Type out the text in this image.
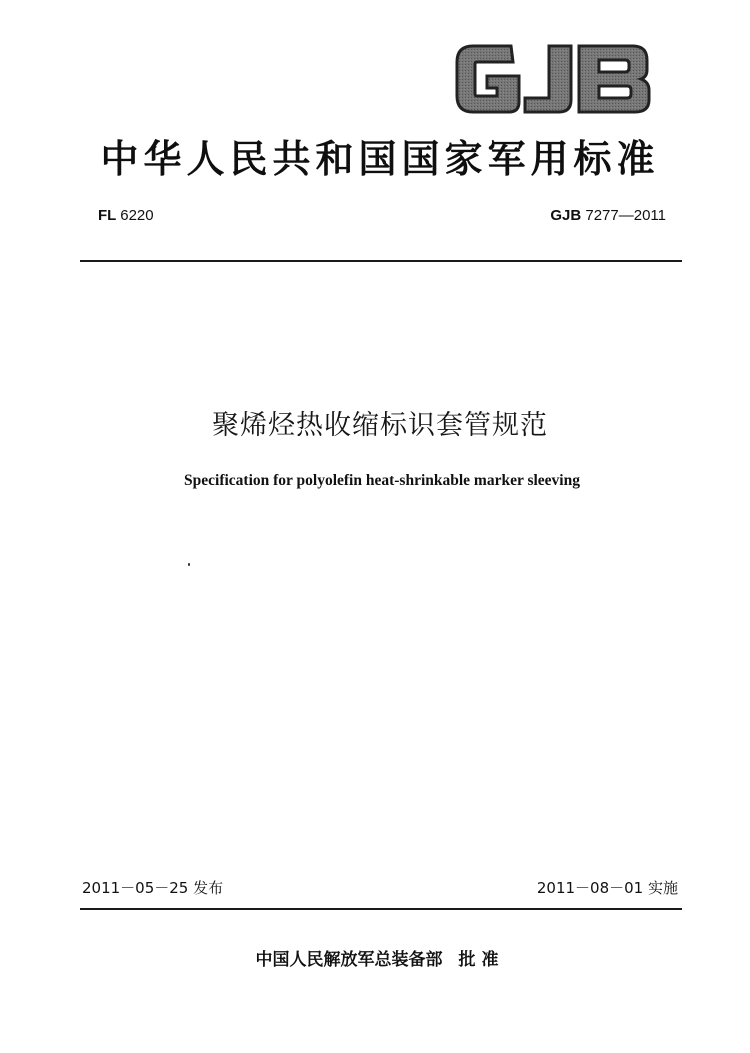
中华人民共和国国家军用标准
FL 6220	GJB 7277—2011
聚烯烃热收缩标识套管规范
Specification for polyolefin heat-shrinkable marker sleeving
2011－05－25 发布	2011－08－01 实施
中国人民解放军总装备部 批准
